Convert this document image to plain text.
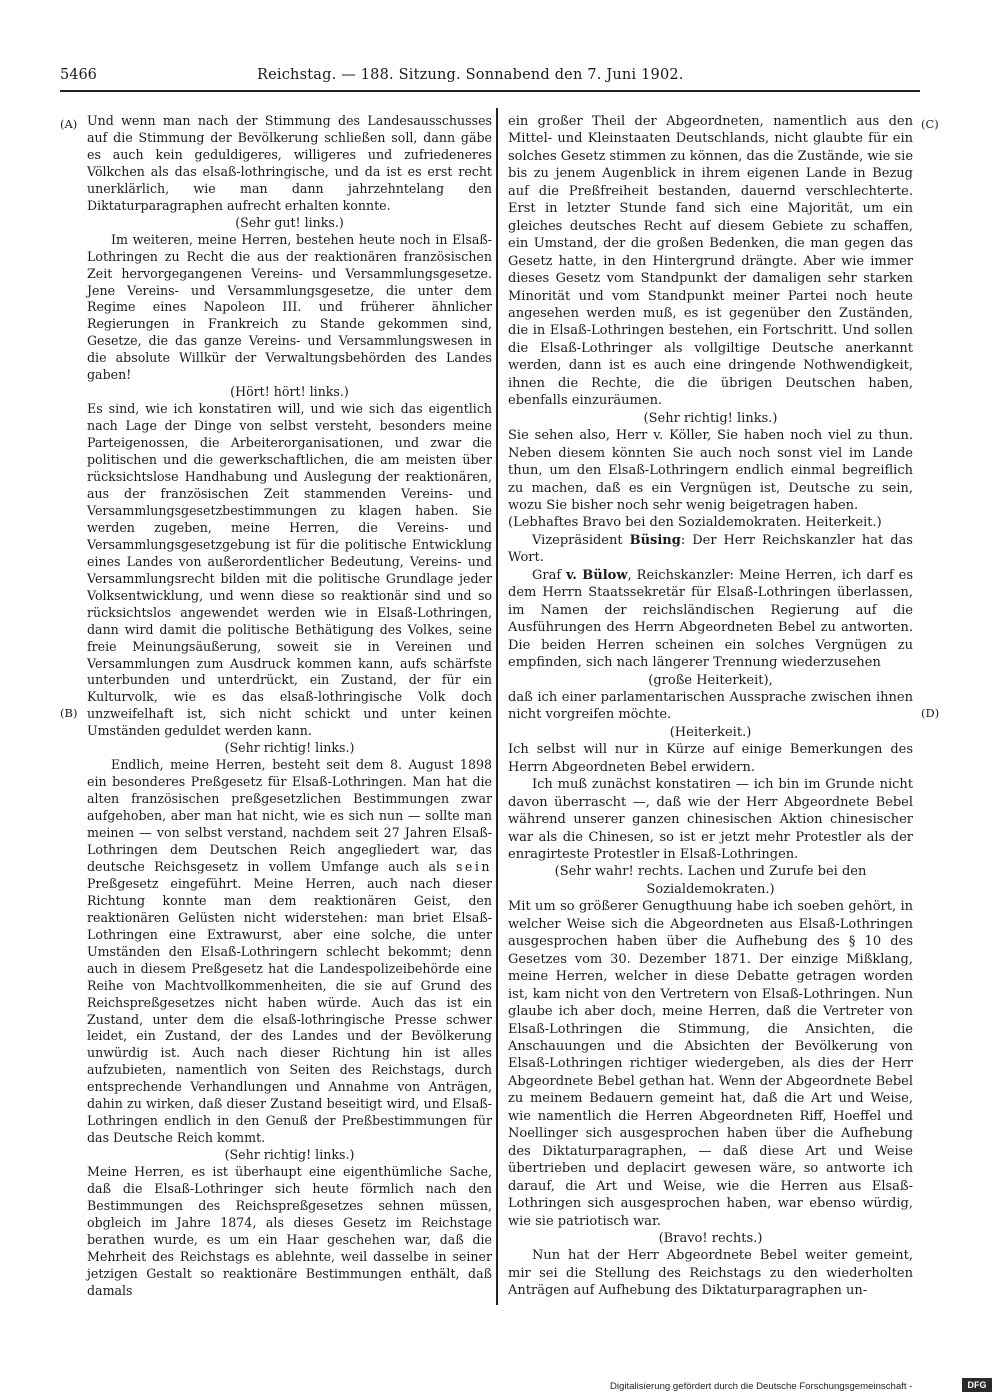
5466	Reichstag. — 188. Sitzung. Sonnabend den 7. Juni 1902.
(A)
(B)
(C)
(D)

Und wenn man nach der Stimmung des Landesausschusses auf die Stimmung der Bevölkerung schließen soll, dann gäbe es auch kein geduldigeres, willigeres und zufriedeneres Völkchen als das elsaß-lothringische, und da ist es erst recht unerklärlich, wie man dann jahrzehntelang den Diktaturparagraphen aufrecht erhalten konnte.

(Sehr gut! links.)

Im weiteren, meine Herren, bestehen heute noch in Elsaß-Lothringen zu Recht die aus der reaktionären französischen Zeit hervorgegangenen Vereins- und Versammlungsgesetze. Jene Vereins- und Versammlungsgesetze, die unter dem Regime eines Napoleon III. und früherer ähnlicher Regierungen in Frankreich zu Stande gekommen sind, Gesetze, die das ganze Vereins- und Versammlungswesen in die absolute Willkür der Verwaltungsbehörden des Landes gaben!

(Hört! hört! links.)

Es sind, wie ich konstatiren will, und wie sich das eigentlich nach Lage der Dinge von selbst versteht, besonders meine Parteigenossen, die Arbeiterorganisationen, und zwar die politischen und die gewerkschaftlichen, die am meisten über rücksichtslose Handhabung und Auslegung der reaktionären, aus der französischen Zeit stammenden Vereins- und Versammlungsgesetzbestimmungen zu klagen haben. Sie werden zugeben, meine Herren, die Vereins- und Versammlungsgesetzgebung ist für die politische Entwicklung eines Landes von außerordentlicher Bedeutung, Vereins- und Versammlungsrecht bilden mit die politische Grundlage jeder Volksentwicklung, und wenn diese so reaktionär sind und so rücksichtslos angewendet werden wie in Elsaß-Lothringen, dann wird damit die politische Bethätigung des Volkes, seine freie Meinungsäußerung, soweit sie in Vereinen und Versammlungen zum Ausdruck kommen kann, aufs schärfste unterbunden und unterdrückt, ein Zustand, der für ein Kulturvolk, wie es das elsaß-lothringische Volk doch unzweifelhaft ist, sich nicht schickt und unter keinen Umständen geduldet werden kann.

(Sehr richtig! links.)

Endlich, meine Herren, besteht seit dem 8. August 1898 ein besonderes Preßgesetz für Elsaß-Lothringen. Man hat die alten französischen preßgesetzlichen Bestimmungen zwar aufgehoben, aber man hat nicht, wie es sich nun — sollte man meinen — von selbst verstand, nachdem seit 27 Jahren Elsaß-Lothringen dem Deutschen Reich angegliedert war, das deutsche Reichsgesetz in vollem Umfange auch als sein Preßgesetz eingeführt. Meine Herren, auch nach dieser Richtung konnte man dem reaktionären Geist, den reaktionären Gelüsten nicht widerstehen: man briet Elsaß-Lothringen eine Extrawurst, aber eine solche, die unter Umständen den Elsaß-Lothringern schlecht bekommt; denn auch in diesem Preßgesetz hat die Landespolizeibehörde eine Reihe von Machtvollkommenheiten, die sie auf Grund des Reichspreßgesetzes nicht haben würde. Auch das ist ein Zustand, unter dem die elsaß-lothringische Presse schwer leidet, ein Zustand, der des Landes und der Bevölkerung unwürdig ist. Auch nach dieser Richtung hin ist alles aufzubieten, namentlich von Seiten des Reichstags, durch entsprechende Verhandlungen und Annahme von Anträgen, dahin zu wirken, daß dieser Zustand beseitigt wird, und Elsaß-Lothringen endlich in den Genuß der Preßbestimmungen für das Deutsche Reich kommt.

(Sehr richtig! links.)

Meine Herren, es ist überhaupt eine eigenthümliche Sache, daß die Elsaß-Lothringer sich heute förmlich nach den Bestimmungen des Reichspreßgesetzes sehnen müssen, obgleich im Jahre 1874, als dieses Gesetz im Reichstage berathen wurde, es um ein Haar geschehen war, daß die Mehrheit des Reichstags es ablehnte, weil dasselbe in seiner jetzigen Gestalt so reaktionäre Bestimmungen enthält, daß damals

ein großer Theil der Abgeordneten, namentlich aus den Mittel- und Kleinstaaten Deutschlands, nicht glaubte für ein solches Gesetz stimmen zu können, das die Zustände, wie sie bis zu jenem Augenblick in ihrem eigenen Lande in Bezug auf die Preßfreiheit bestanden, dauernd verschlechterte. Erst in letzter Stunde fand sich eine Majorität, um ein gleiches deutsches Recht auf diesem Gebiete zu schaffen, ein Umstand, der die großen Bedenken, die man gegen das Gesetz hatte, in den Hintergrund drängte. Aber wie immer dieses Gesetz vom Standpunkt der damaligen sehr starken Minorität und vom Standpunkt meiner Partei noch heute angesehen werden muß, es ist gegenüber den Zuständen, die in Elsaß-Lothringen bestehen, ein Fortschritt. Und sollen die Elsaß-Lothringer als vollgiltige Deutsche anerkannt werden, dann ist es auch eine dringende Nothwendigkeit, ihnen die Rechte, die die übrigen Deutschen haben, ebenfalls einzuräumen.

(Sehr richtig! links.)

Sie sehen also, Herr v. Köller, Sie haben noch viel zu thun. Neben diesem könnten Sie auch noch sonst viel im Lande thun, um den Elsaß-Lothringern endlich einmal begreiflich zu machen, daß es ein Vergnügen ist, Deutsche zu sein, wozu Sie bisher noch sehr wenig beigetragen haben.

(Lebhaftes Bravo bei den Sozialdemokraten. Heiterkeit.)

Vizepräsident Büsing: Der Herr Reichskanzler hat das Wort.

Graf v. Bülow, Reichskanzler: Meine Herren, ich darf es dem Herrn Staatssekretär für Elsaß-Lothringen überlassen, im Namen der reichsländischen Regierung auf die Ausführungen des Herrn Abgeordneten Bebel zu antworten. Die beiden Herren scheinen ein solches Vergnügen zu empfinden, sich nach längerer Trennung wiederzusehen

(große Heiterkeit),

daß ich einer parlamentarischen Aussprache zwischen ihnen nicht vorgreifen möchte.

(Heiterkeit.)

Ich selbst will nur in Kürze auf einige Bemerkungen des Herrn Abgeordneten Bebel erwidern.

Ich muß zunächst konstatiren — ich bin im Grunde nicht davon überrascht —, daß wie der Herr Abgeordnete Bebel während unserer ganzen chinesischen Aktion chinesischer war als die Chinesen, so ist er jetzt mehr Protestler als der enragirteste Protestler in Elsaß-Lothringen.

(Sehr wahr! rechts. Lachen und Zurufe bei den Sozialdemokraten.)

Mit um so größerer Genugthuung habe ich soeben gehört, in welcher Weise sich die Abgeordneten aus Elsaß-Lothringen ausgesprochen haben über die Aufhebung des § 10 des Gesetzes vom 30. Dezember 1871. Der einzige Mißklang, meine Herren, welcher in diese Debatte getragen worden ist, kam nicht von den Vertretern von Elsaß-Lothringen. Nun glaube ich aber doch, meine Herren, daß die Vertreter von Elsaß-Lothringen die Stimmung, die Ansichten, die Anschauungen und die Absichten der Bevölkerung von Elsaß-Lothringen richtiger wiedergeben, als dies der Herr Abgeordnete Bebel gethan hat. Wenn der Abgeordnete Bebel zu meinem Bedauern gemeint hat, daß die Art und Weise, wie namentlich die Herren Abgeordneten Riff, Hoeffel und Noellinger sich ausgesprochen haben über die Aufhebung des Diktaturparagraphen, — daß diese Art und Weise übertrieben und deplacirt gewesen wäre, so antworte ich darauf, die Art und Weise, wie die Herren aus Elsaß-Lothringen sich ausgesprochen haben, war ebenso würdig, wie sie patriotisch war.

(Bravo! rechts.)

Nun hat der Herr Abgeordnete Bebel weiter gemeint, mir sei die Stellung des Reichstags zu den wiederholten Anträgen auf Aufhebung des Diktaturparagraphen un-

Digitalisierung gefördert durch die Deutsche Forschungsgemeinschaft -	DFG
